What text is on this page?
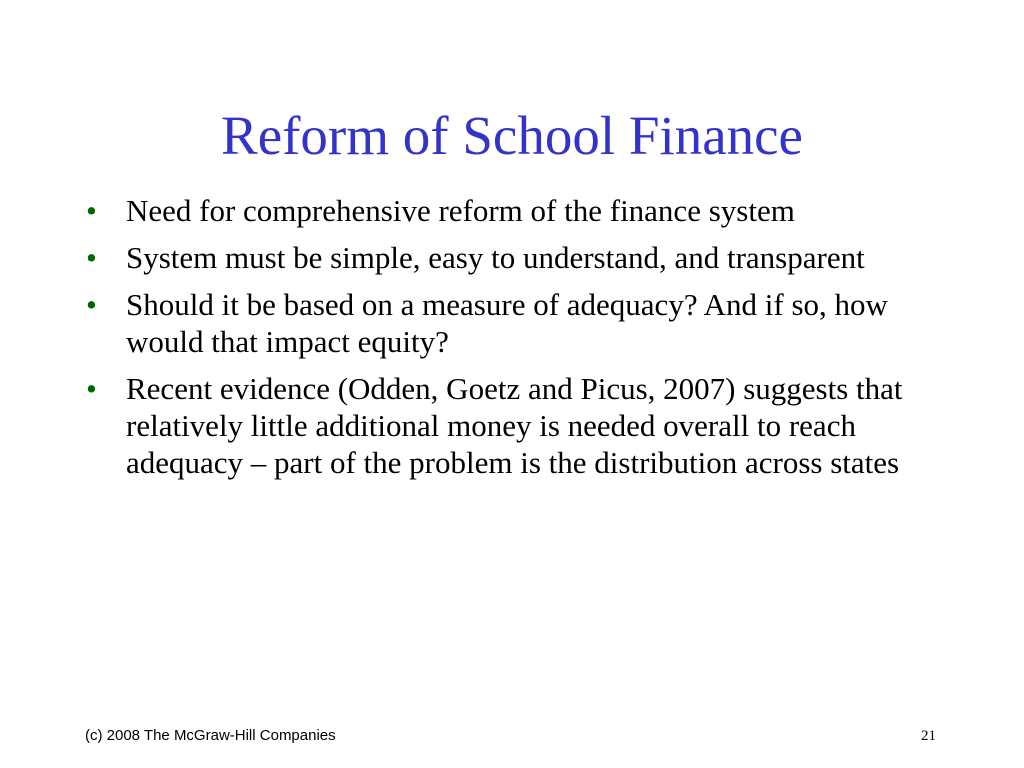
Reform of School Finance
• Need for comprehensive reform of the finance system
• System must be simple, easy to understand, and transparent
• Should it be based on a measure of adequacy? And if so, how would that impact equity?
• Recent evidence (Odden, Goetz and Picus, 2007) suggests that relatively little additional money is needed overall to reach adequacy – part of the problem is the distribution across states
(c) 2008 The McGraw-Hill Companies	21
